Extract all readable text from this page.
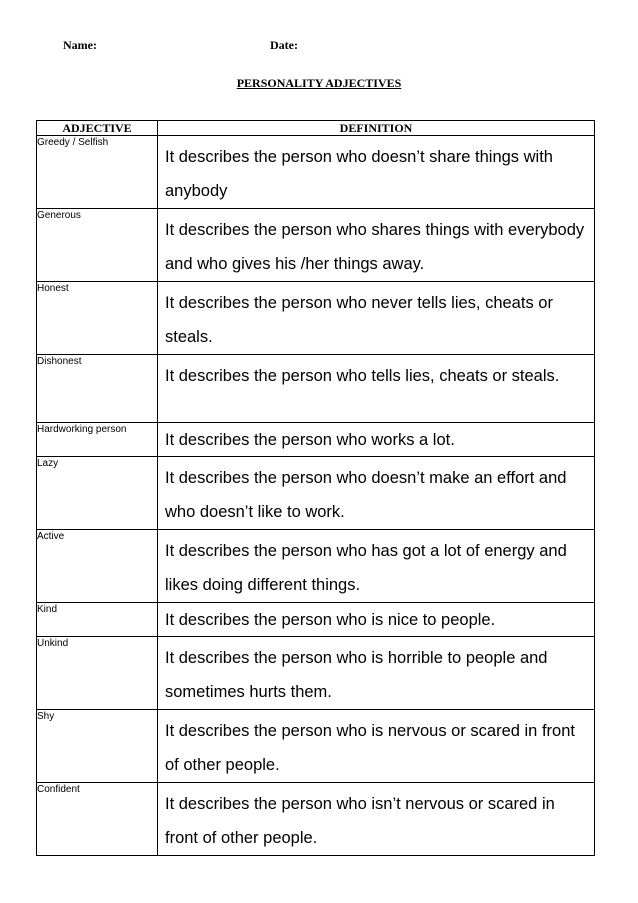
Name:	Date:
PERSONALITY ADJECTIVES
ADJECTIVE	DEFINITION
Greedy / Selfish	It describes the person who doesn’t share things with anybody

Generous	It describes the person who shares things with everybody and who gives his /her things away.

Honest	It describes the person who never tells lies, cheats or steals.

Dishonest	It describes the person who tells lies, cheats or steals.

Hardworking person	It describes the person who works a lot.

Lazy	It describes the person who doesn’t make an effort and who doesn’t like to work.

Active	It describes the person who has got a lot of energy and likes doing different things.

Kind	It describes the person who is nice to people.

Unkind	It describes the person who is horrible to people and sometimes hurts them.

Shy	It describes the person who is nervous or scared in front of other people.

Confident	It describes the person who isn’t nervous or scared in front of other people.
